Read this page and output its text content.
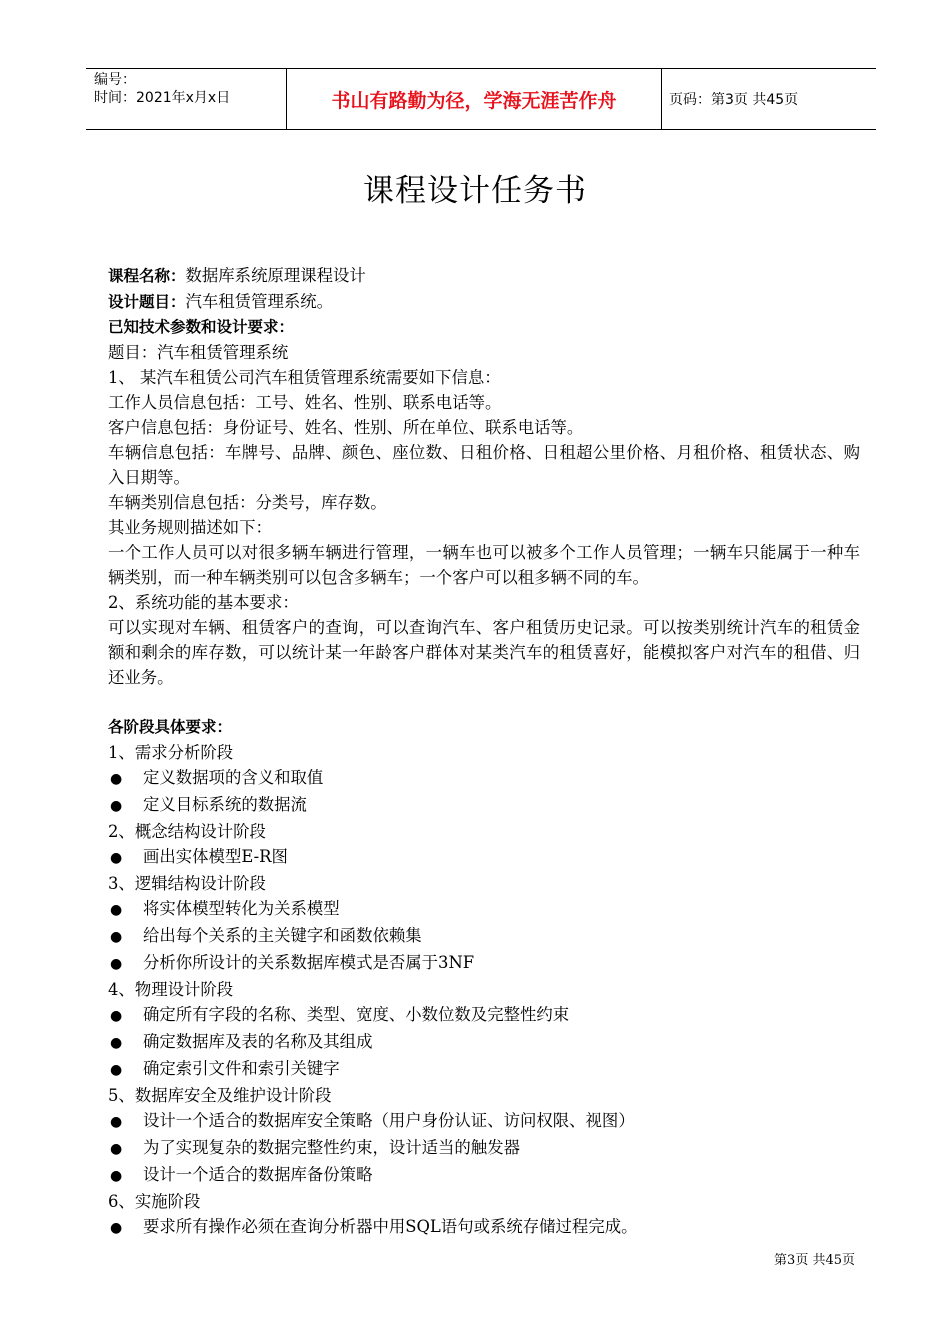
编号：
时间：2021年x月x日	书山有路勤为径，学海无涯苦作舟	页码：第3页 共45页
课程设计任务书

课程名称：数据库系统原理课程设计

设计题目：汽车租赁管理系统。

已知技术参数和设计要求：

题目：汽车租赁管理系统

1、 某汽车租赁公司汽车租赁管理系统需要如下信息：

工作人员信息包括：工号、姓名、性别、联系电话等。

客户信息包括：身份证号、姓名、性别、所在单位、联系电话等。

车辆信息包括：车牌号、品牌、颜色、座位数、日租价格、日租超公里价格、月租价格、租赁状态、购入日期等。

车辆类别信息包括：分类号，库存数。

其业务规则描述如下：

一个工作人员可以对很多辆车辆进行管理，一辆车也可以被多个工作人员管理；一辆车只能属于一种车辆类别，而一种车辆类别可以包含多辆车；一个客户可以租多辆不同的车。

2、系统功能的基本要求：

可以实现对车辆、租赁客户的查询，可以查询汽车、客户租赁历史记录。可以按类别统计汽车的租赁金额和剩余的库存数，可以统计某一年龄客户群体对某类汽车的租赁喜好，能模拟客户对汽车的租借、归还业务。

各阶段具体要求：

1、需求分析阶段

●
定义数据项的含义和取值
●
定义目标系统的数据流

2、概念结构设计阶段

●
画出实体模型E-R图

3、逻辑结构设计阶段

●
将实体模型转化为关系模型
●
给出每个关系的主关键字和函数依赖集
●
分析你所设计的关系数据库模式是否属于3NF

4、物理设计阶段

●
确定所有字段的名称、类型、宽度、小数位数及完整性约束
●
确定数据库及表的名称及其组成
●
确定索引文件和索引关键字

5、数据库安全及维护设计阶段

●
设计一个适合的数据库安全策略（用户身份认证、访问权限、视图）
●
为了实现复杂的数据完整性约束，设计适当的触发器
●
设计一个适合的数据库备份策略

6、实施阶段

●
要求所有操作必须在查询分析器中用SQL语句或系统存储过程完成。
第3页 共45页
